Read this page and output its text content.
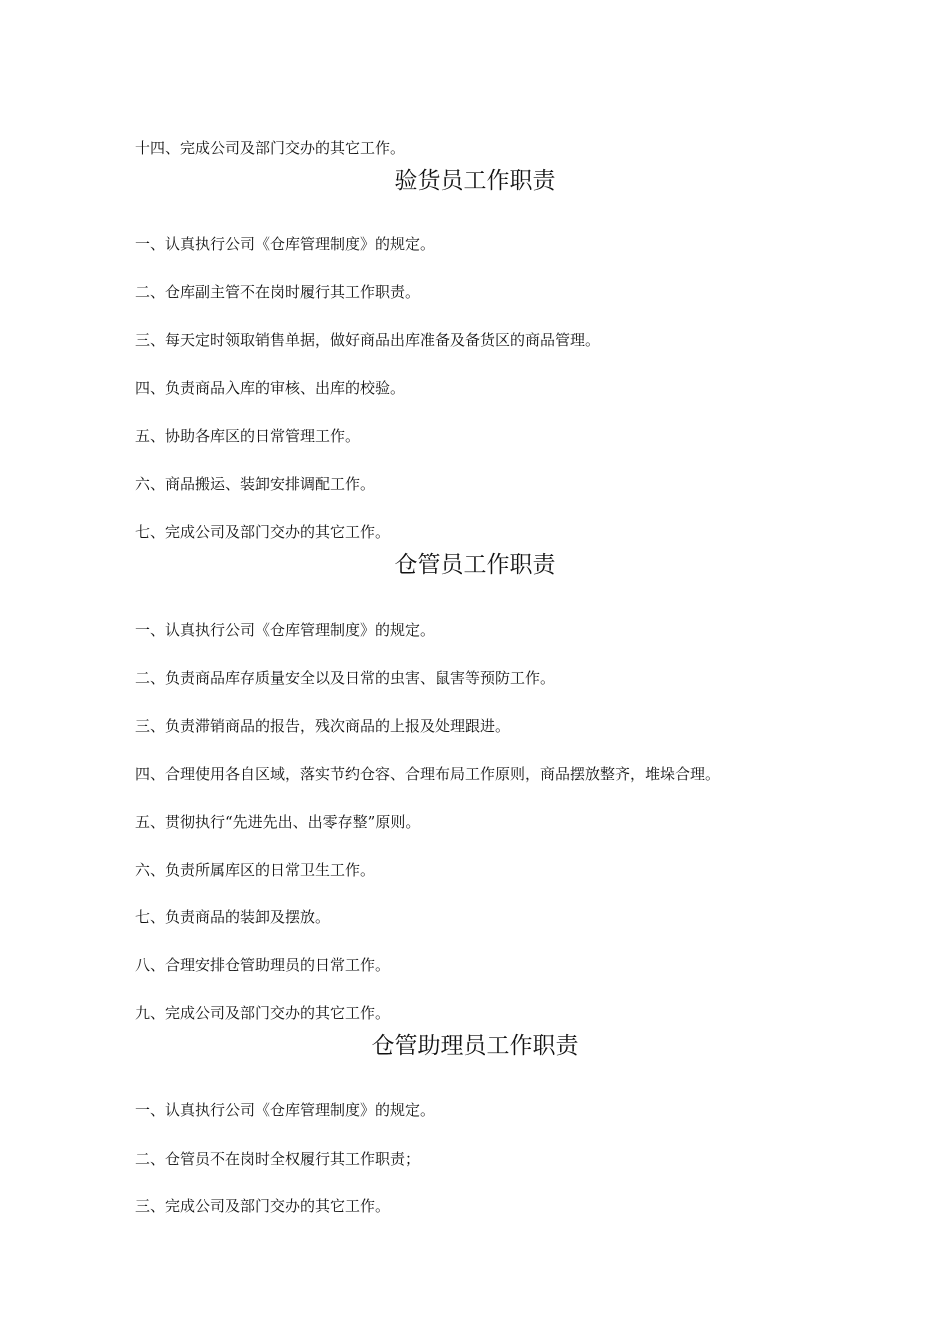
十四、完成公司及部门交办的其它工作。
验货员工作职责
一、认真执行公司《仓库管理制度》的规定。
二、仓库副主管不在岗时履行其工作职责。
三、每天定时领取销售单据，做好商品出库准备及备货区的商品管理。
四、负责商品入库的审核、出库的校验。
五、协助各库区的日常管理工作。
六、商品搬运、装卸安排调配工作。
七、完成公司及部门交办的其它工作。
仓管员工作职责
一、认真执行公司《仓库管理制度》的规定。
二、负责商品库存质量安全以及日常的虫害、鼠害等预防工作。
三、负责滞销商品的报告，残次商品的上报及处理跟进。
四、合理使用各自区域，落实节约仓容、合理布局工作原则，商品摆放整齐，堆垛合理。
五、贯彻执行“先进先出、出零存整”原则。
六、负责所属库区的日常卫生工作。
七、负责商品的装卸及摆放。
八、合理安排仓管助理员的日常工作。
九、完成公司及部门交办的其它工作。
仓管助理员工作职责
一、认真执行公司《仓库管理制度》的规定。
二、仓管员不在岗时全权履行其工作职责；
三、完成公司及部门交办的其它工作。
